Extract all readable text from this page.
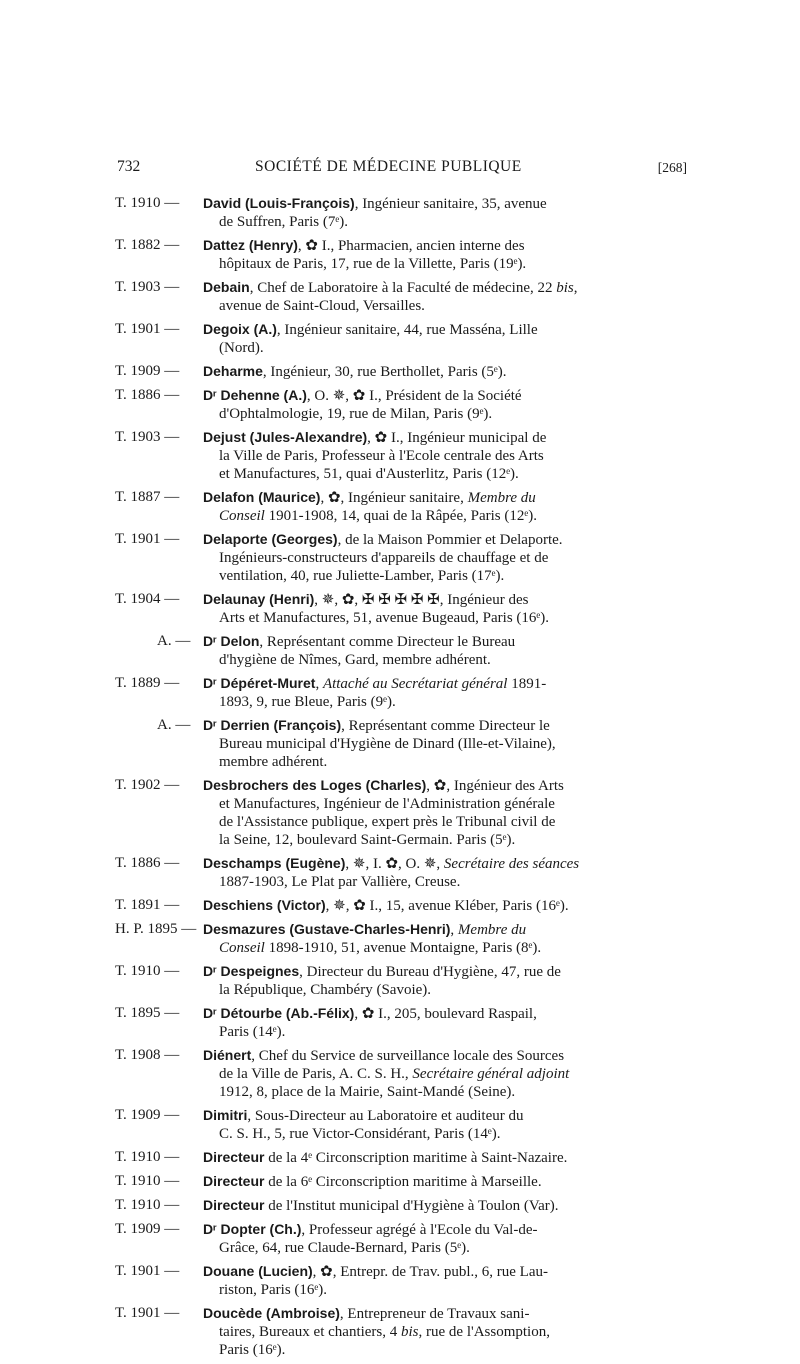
732	SOCIÉTÉ DE MÉDECINE PUBLIQUE	[268]
T. 1910 —	David (Louis-François), Ingénieur sanitaire, 35, avenue
de Suffren, Paris (7ᵉ).
T. 1882 —	Dattez (Henry), ✿ I., Pharmacien, ancien interne des
hôpitaux de Paris, 17, rue de la Villette, Paris (19ᵉ).
T. 1903 —	Debain, Chef de Laboratoire à la Faculté de médecine, 22 bis,
avenue de Saint-Cloud, Versailles.
T. 1901 —	Degoix (A.), Ingénieur sanitaire, 44, rue Masséna, Lille
(Nord).
T. 1909 —	Deharme, Ingénieur, 30, rue Berthollet, Paris (5ᵉ).
T. 1886 —	Dʳ Dehenne (A.), O. ✵, ✿ I., Président de la Société
d'Ophtalmologie, 19, rue de Milan, Paris (9ᵉ).
T. 1903 —	Dejust (Jules-Alexandre), ✿ I., Ingénieur municipal de
la Ville de Paris, Professeur à l'Ecole centrale des Arts
et Manufactures, 51, quai d'Austerlitz, Paris (12ᵉ).
T. 1887 —	Delafon (Maurice), ✿, Ingénieur sanitaire, Membre du
Conseil 1901-1908, 14, quai de la Râpée, Paris (12ᵉ).
T. 1901 —	Delaporte (Georges), de la Maison Pommier et Delaporte.
Ingénieurs-constructeurs d'appareils de chauffage et de
ventilation, 40, rue Juliette-Lamber, Paris (17ᵉ).
T. 1904 —	Delaunay (Henri), ✵, ✿, ✠ ✠ ✠ ✠ ✠, Ingénieur des
Arts et Manufactures, 51, avenue Bugeaud, Paris (16ᵉ).
A. — Dʳ Delon, Représentant comme Directeur le Bureau
d'hygiène de Nîmes, Gard, membre adhérent.
T. 1889 —	Dʳ Dépéret-Muret, Attaché au Secrétariat général 1891-
1893, 9, rue Bleue, Paris (9ᵉ).
A. — Dʳ Derrien (François), Représentant comme Directeur le
Bureau municipal d'Hygiène de Dinard (Ille-et-Vilaine),
membre adhérent.
T. 1902 —	Desbrochers des Loges (Charles), ✿, Ingénieur des Arts
et Manufactures, Ingénieur de l'Administration générale
de l'Assistance publique, expert près le Tribunal civil de
la Seine, 12, boulevard Saint-Germain. Paris (5ᵉ).
T. 1886 —	Deschamps (Eugène), ✵, I. ✿, O. ✵, Secrétaire des séances
1887-1903, Le Plat par Vallière, Creuse.
T. 1891 —	Deschiens (Victor), ✵, ✿ I., 15, avenue Kléber, Paris (16ᵉ).
H. P. 1895 — Desmazures (Gustave-Charles-Henri), Membre du
Conseil 1898-1910, 51, avenue Montaigne, Paris (8ᵉ).
T. 1910 —	Dʳ Despeignes, Directeur du Bureau d'Hygiène, 47, rue de
la République, Chambéry (Savoie).
T. 1895 —	Dʳ Détourbe (Ab.-Félix), ✿ I., 205, boulevard Raspail,
Paris (14ᵉ).
T. 1908 —	Diénert, Chef du Service de surveillance locale des Sources
de la Ville de Paris, A. C. S. H., Secrétaire général adjoint
1912, 8, place de la Mairie, Saint-Mandé (Seine).
T. 1909 —	Dimitri, Sous-Directeur au Laboratoire et auditeur du
C. S. H., 5, rue Victor-Considérant, Paris (14ᵉ).
T. 1910 —	Directeur de la 4ᵉ Circonscription maritime à Saint-Nazaire.
T. 1910 —	Directeur de la 6ᵉ Circonscription maritime à Marseille.
T. 1910 —	Directeur de l'Institut municipal d'Hygiène à Toulon (Var).
T. 1909 —	Dʳ Dopter (Ch.), Professeur agrégé à l'Ecole du Val-de-
Grâce, 64, rue Claude-Bernard, Paris (5ᵉ).
T. 1901 —	Douane (Lucien), ✿, Entrepr. de Trav. publ., 6, rue Lau-
riston, Paris (16ᵉ).
T. 1901 —	Doucède (Ambroise), Entrepreneur de Travaux sani-
taires, Bureaux et chantiers, 4 bis, rue de l'Assomption,
Paris (16ᵉ).
